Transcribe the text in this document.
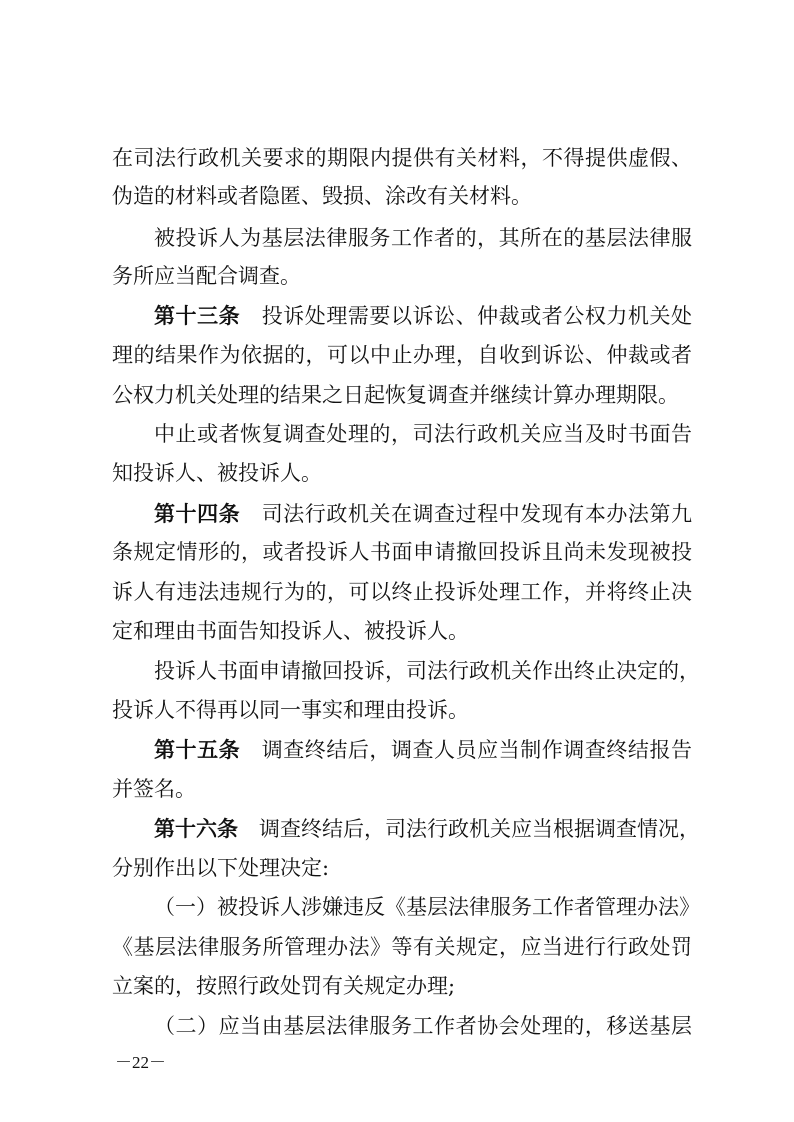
在司法行政机关要求的期限内提供有关材料，不得提供虚假、
伪造的材料或者隐匿、毁损、涂改有关材料。
被投诉人为基层法律服务工作者的，其所在的基层法律服
务所应当配合调查。
第十三条 投诉处理需要以诉讼、仲裁或者公权力机关处
理的结果作为依据的，可以中止办理，自收到诉讼、仲裁或者
公权力机关处理的结果之日起恢复调查并继续计算办理期限。
中止或者恢复调查处理的，司法行政机关应当及时书面告
知投诉人、被投诉人。
第十四条 司法行政机关在调查过程中发现有本办法第九
条规定情形的，或者投诉人书面申请撤回投诉且尚未发现被投
诉人有违法违规行为的，可以终止投诉处理工作，并将终止决
定和理由书面告知投诉人、被投诉人。
投诉人书面申请撤回投诉，司法行政机关作出终止决定的，
投诉人不得再以同一事实和理由投诉。
第十五条 调查终结后，调查人员应当制作调查终结报告
并签名。
第十六条 调查终结后，司法行政机关应当根据调查情况，
分别作出以下处理决定:
（一）被投诉人涉嫌违反《基层法律服务工作者管理办法》
《基层法律服务所管理办法》等有关规定，应当进行行政处罚
立案的，按照行政处罚有关规定办理;
（二）应当由基层法律服务工作者协会处理的，移送基层
－22－
